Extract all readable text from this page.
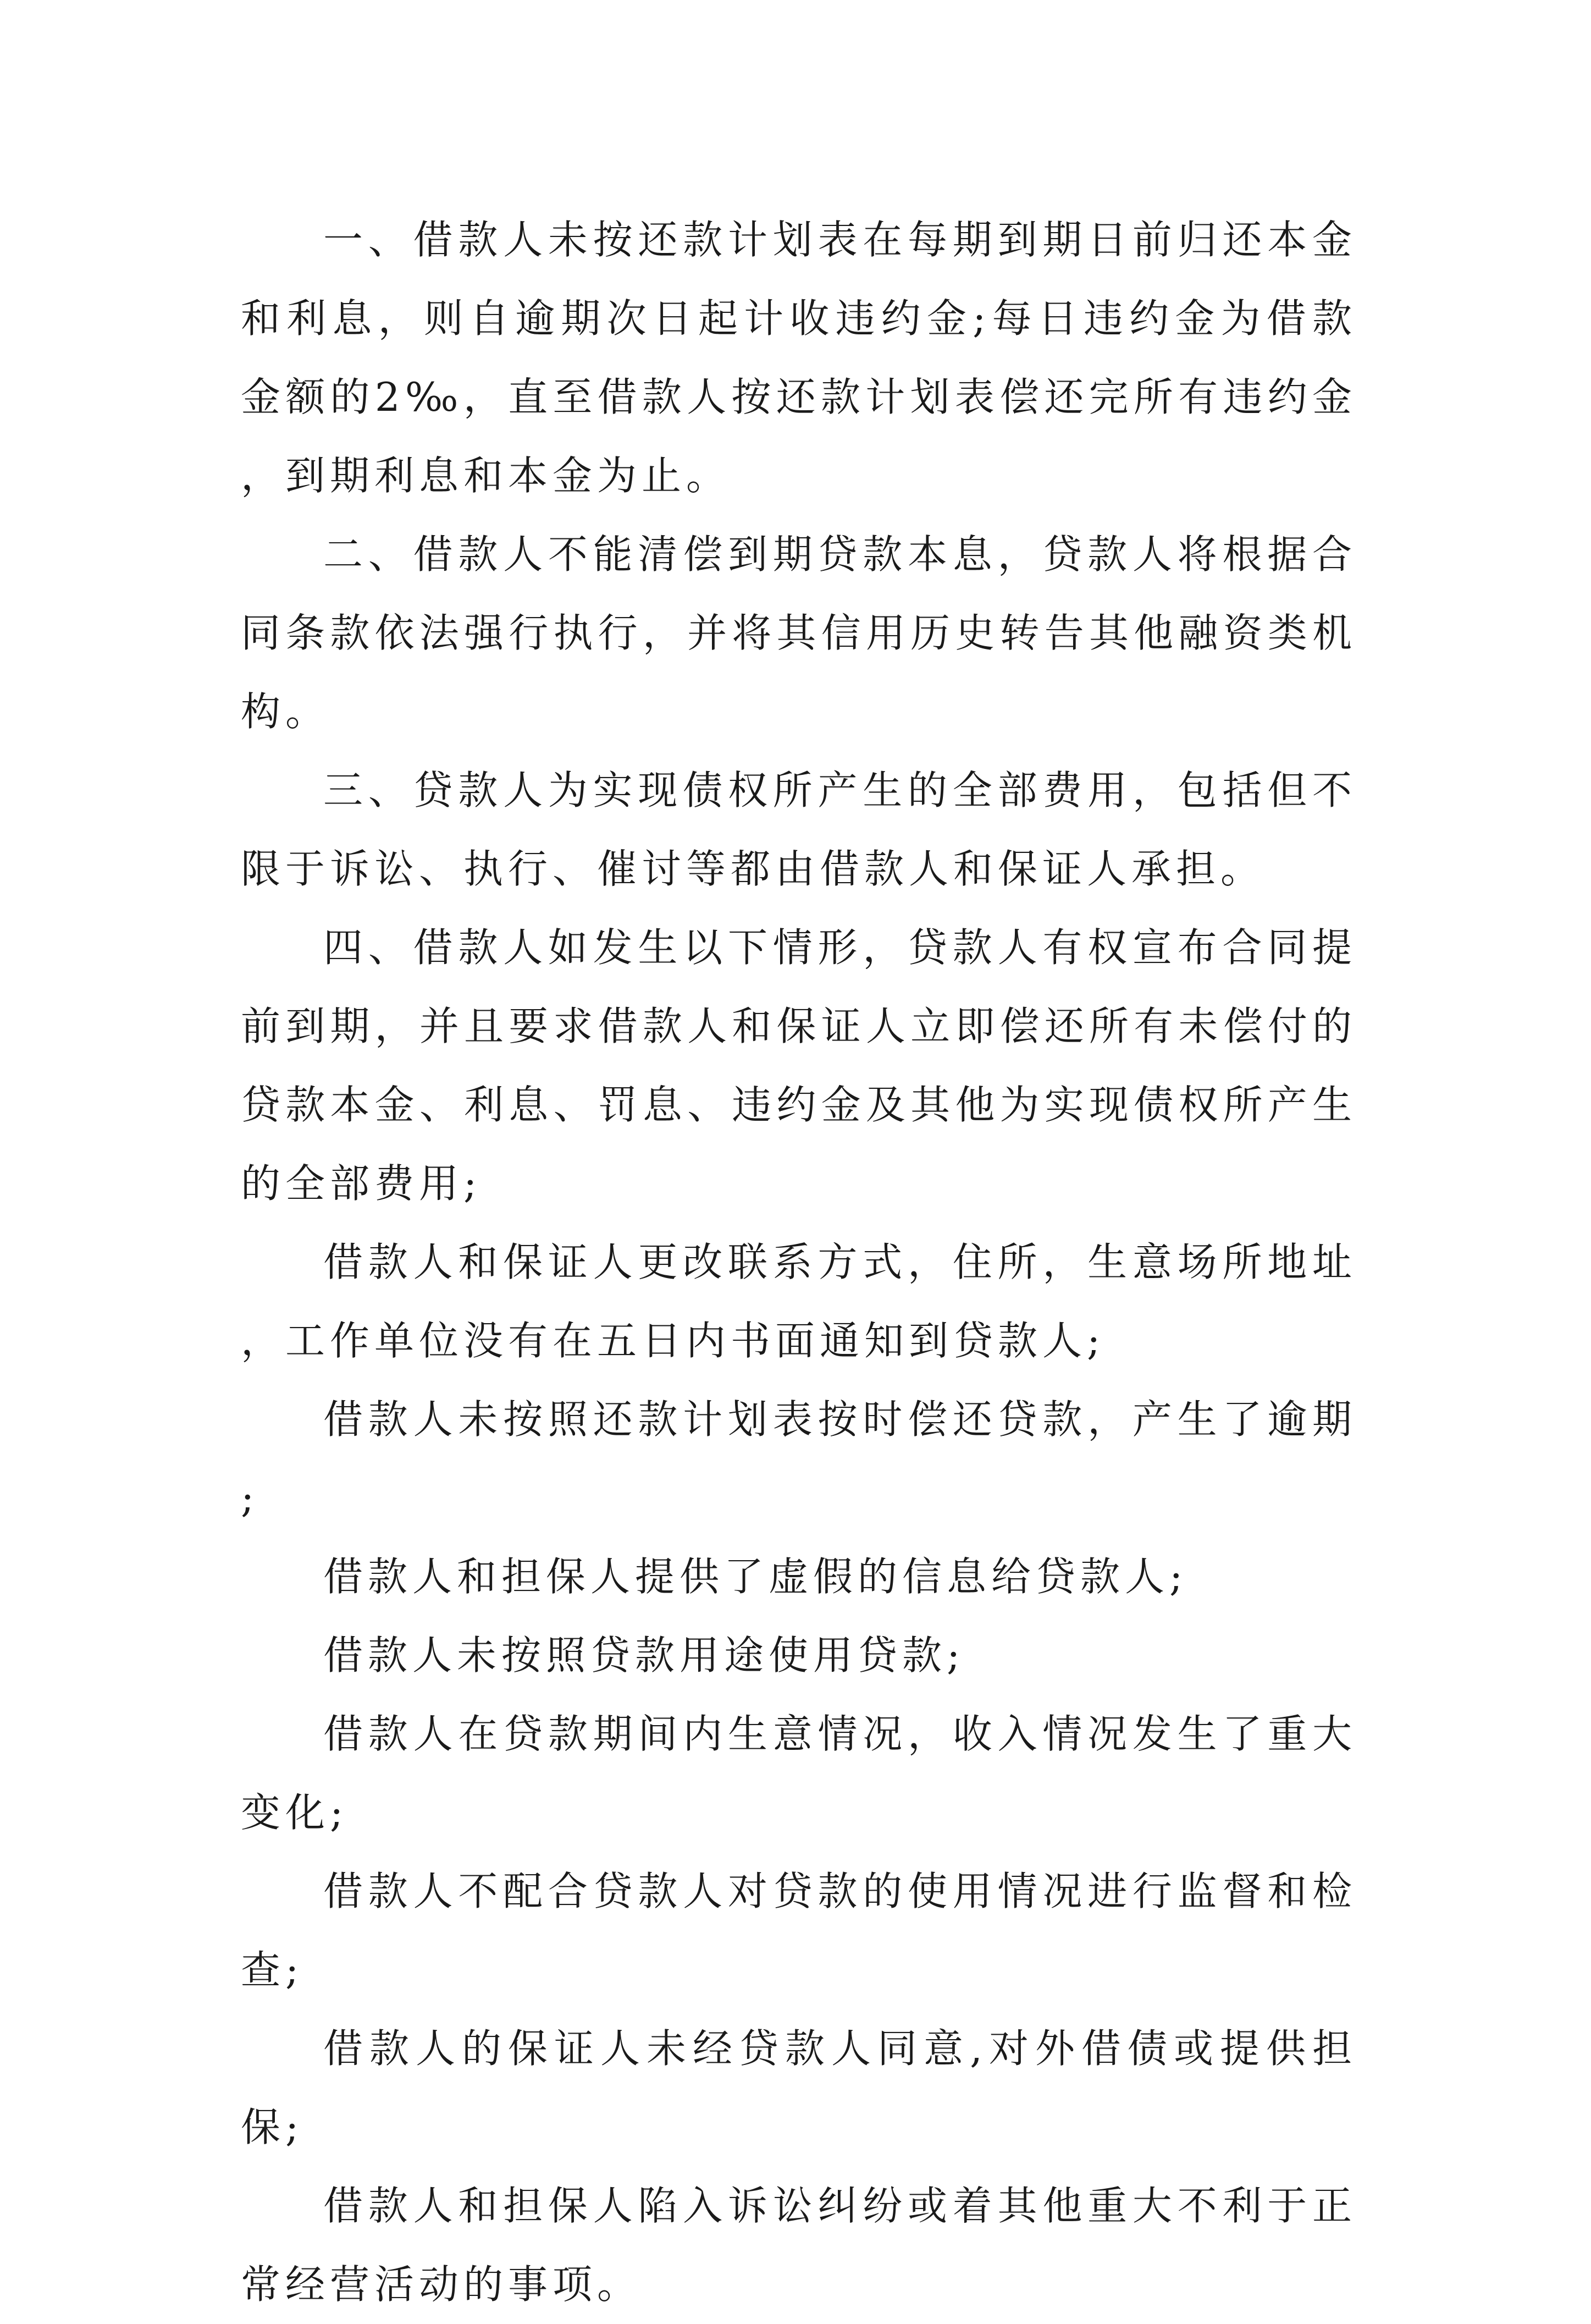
一、借款人未按还款计划表在每期到期日前归还本金和利息，则自逾期次日起计收违约金;每日违约金为借款金额的2‰，直至借款人按还款计划表偿还完所有违约金，到期利息和本金为止。

二、借款人不能清偿到期贷款本息，贷款人将根据合同条款依法强行执行，并将其信用历史转告其他融资类机构。

三、贷款人为实现债权所产生的全部费用，包括但不限于诉讼、执行、催讨等都由借款人和保证人承担。

四、借款人如发生以下情形，贷款人有权宣布合同提前到期，并且要求借款人和保证人立即偿还所有未偿付的贷款本金、利息、罚息、违约金及其他为实现债权所产生的全部费用;

借款人和保证人更改联系方式，住所，生意场所地址，工作单位没有在五日内书面通知到贷款人;

借款人未按照还款计划表按时偿还贷款，产生了逾期;

借款人和担保人提供了虚假的信息给贷款人;

借款人未按照贷款用途使用贷款;

借款人在贷款期间内生意情况，收入情况发生了重大变化;

借款人不配合贷款人对贷款的使用情况进行监督和检查;

借款人的保证人未经贷款人同意,对外借债或提供担保;

借款人和担保人陷入诉讼纠纷或着其他重大不利于正常经营活动的事项。
